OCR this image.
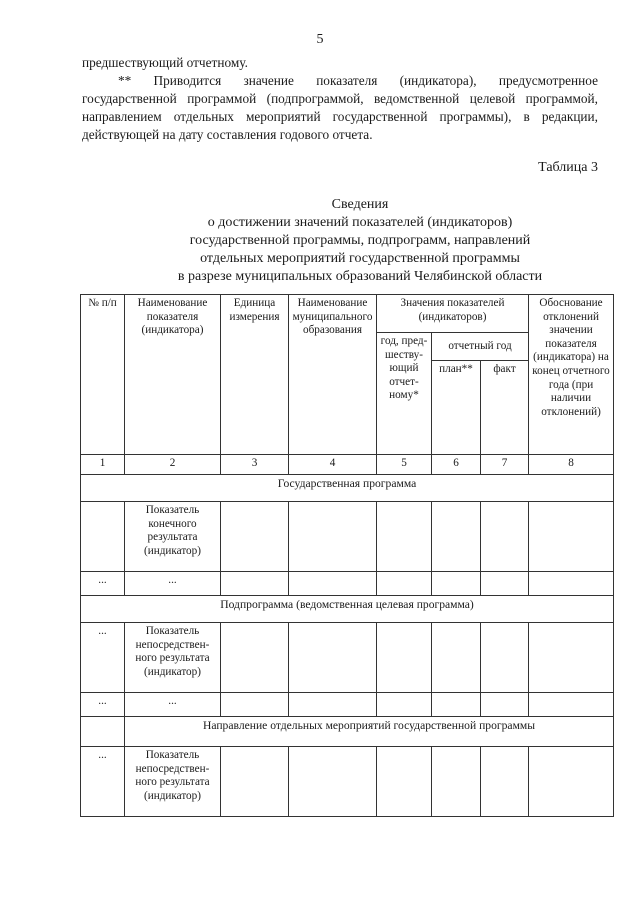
5

предшествующий отчетному.

** Приводится значение показателя (индикатора), предусмотренное государственной программой (подпрограммой, ведомственной целевой программой, направлением отдельных мероприятий государственной программы), в редакции, действующей на дату составления годового отчета.

Таблица 3
Сведения
о достижении значений показателей (индикаторов)
государственной программы, подпрограмм, направлений
отдельных мероприятий государственной программы
в разрезе муниципальных образований Челябинской области
№ п/п	Наименование показателя (индикатора)	Единица измерения	Наименование муниципального образования	Значения показателей (индикаторов)			Обоснование отклонений значении показателя (индикатора) на конец отчетного года (при наличии отклонений)
				год, предшествующий отчетному*	отчетный год		
					план**	факт	
1	2	3	4	5	6	7	8
Государственная программа							
	Показатель конечного результата (индикатор)						
...	...						
Подпрограмма (ведомственная целевая программа)							
...	Показатель непосредственного результата (индикатор)						
...	...						
	Направление отдельных мероприятий государственной программы						
...	Показатель непосредственного результата (индикатор)						
